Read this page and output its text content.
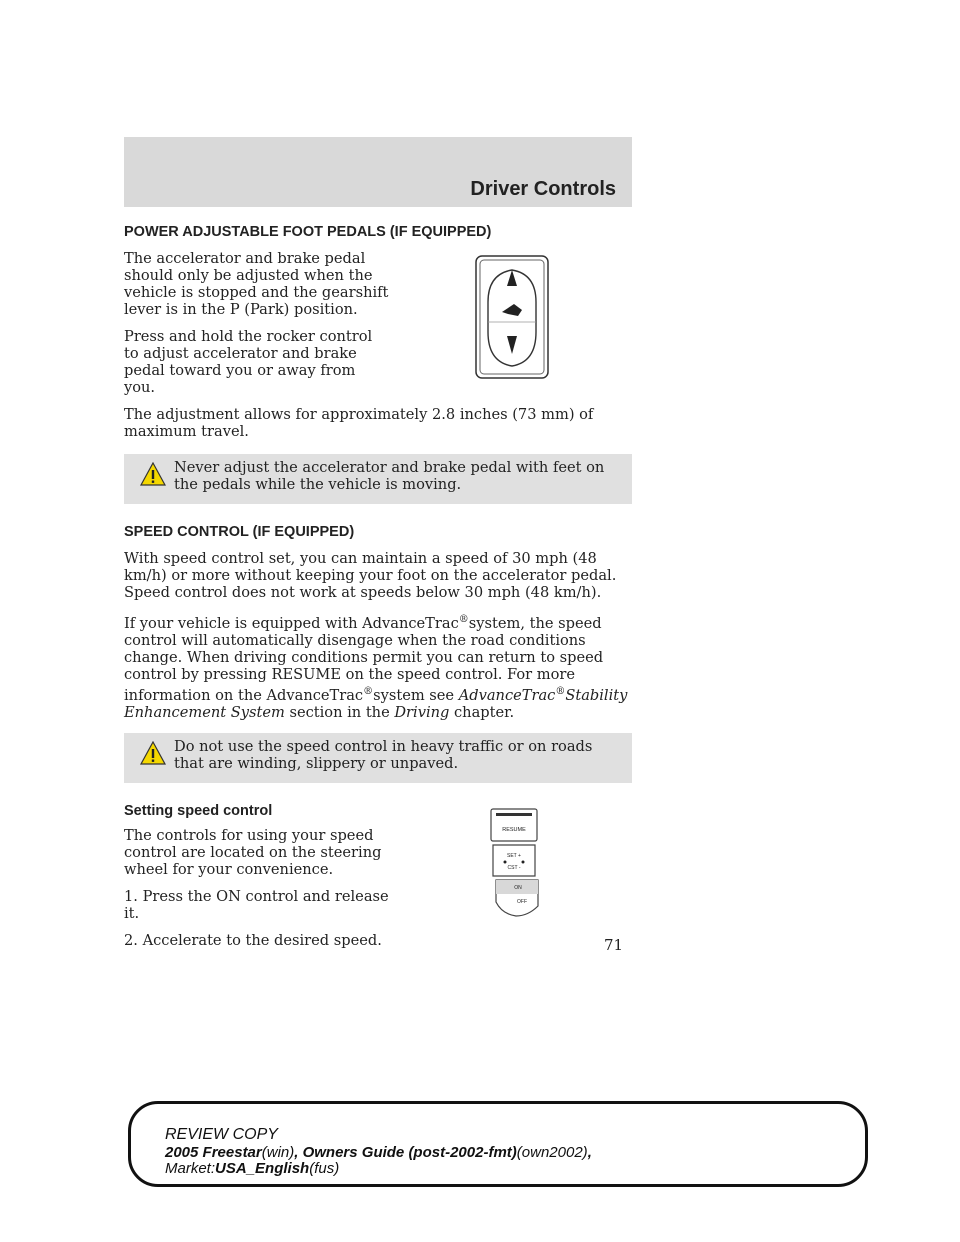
Driver Controls
POWER ADJUSTABLE FOOT PEDALS (IF EQUIPPED)

The accelerator and brake pedal should only be adjusted when the vehicle is stopped and the gearshift lever is in the P (Park) position.

Press and hold the rocker control to adjust accelerator and brake pedal toward you or away from you.

The adjustment allows for approximately 2.8 inches (73 mm) of maximum travel.

Never adjust the accelerator and brake pedal with feet on the pedals while the vehicle is moving.

SPEED CONTROL (IF EQUIPPED)

With speed control set, you can maintain a speed of 30 mph (48 km/h) or more without keeping your foot on the accelerator pedal. Speed control does not work at speeds below 30 mph (48 km/h).

If your vehicle is equipped with AdvanceTrac®system, the speed control will automatically disengage when the road conditions change. When driving conditions permit you can return to speed control by pressing RESUME on the speed control. For more information on the AdvanceTrac®system see AdvanceTrac®Stability Enhancement System section in the Driving chapter.

Do not use the speed control in heavy traffic or on roads that are winding, slippery or unpaved.

Setting speed control

The controls for using your speed control are located on the steering wheel for your convenience.

1. Press the ON control and release it.

2. Accelerate to the desired speed.

RESUME
SET +
CST -
ON
OFF
71
REVIEW COPY
2005 Freestar(win), Owners Guide (post-2002-fmt)(own2002),
Market:USA_English(fus)
